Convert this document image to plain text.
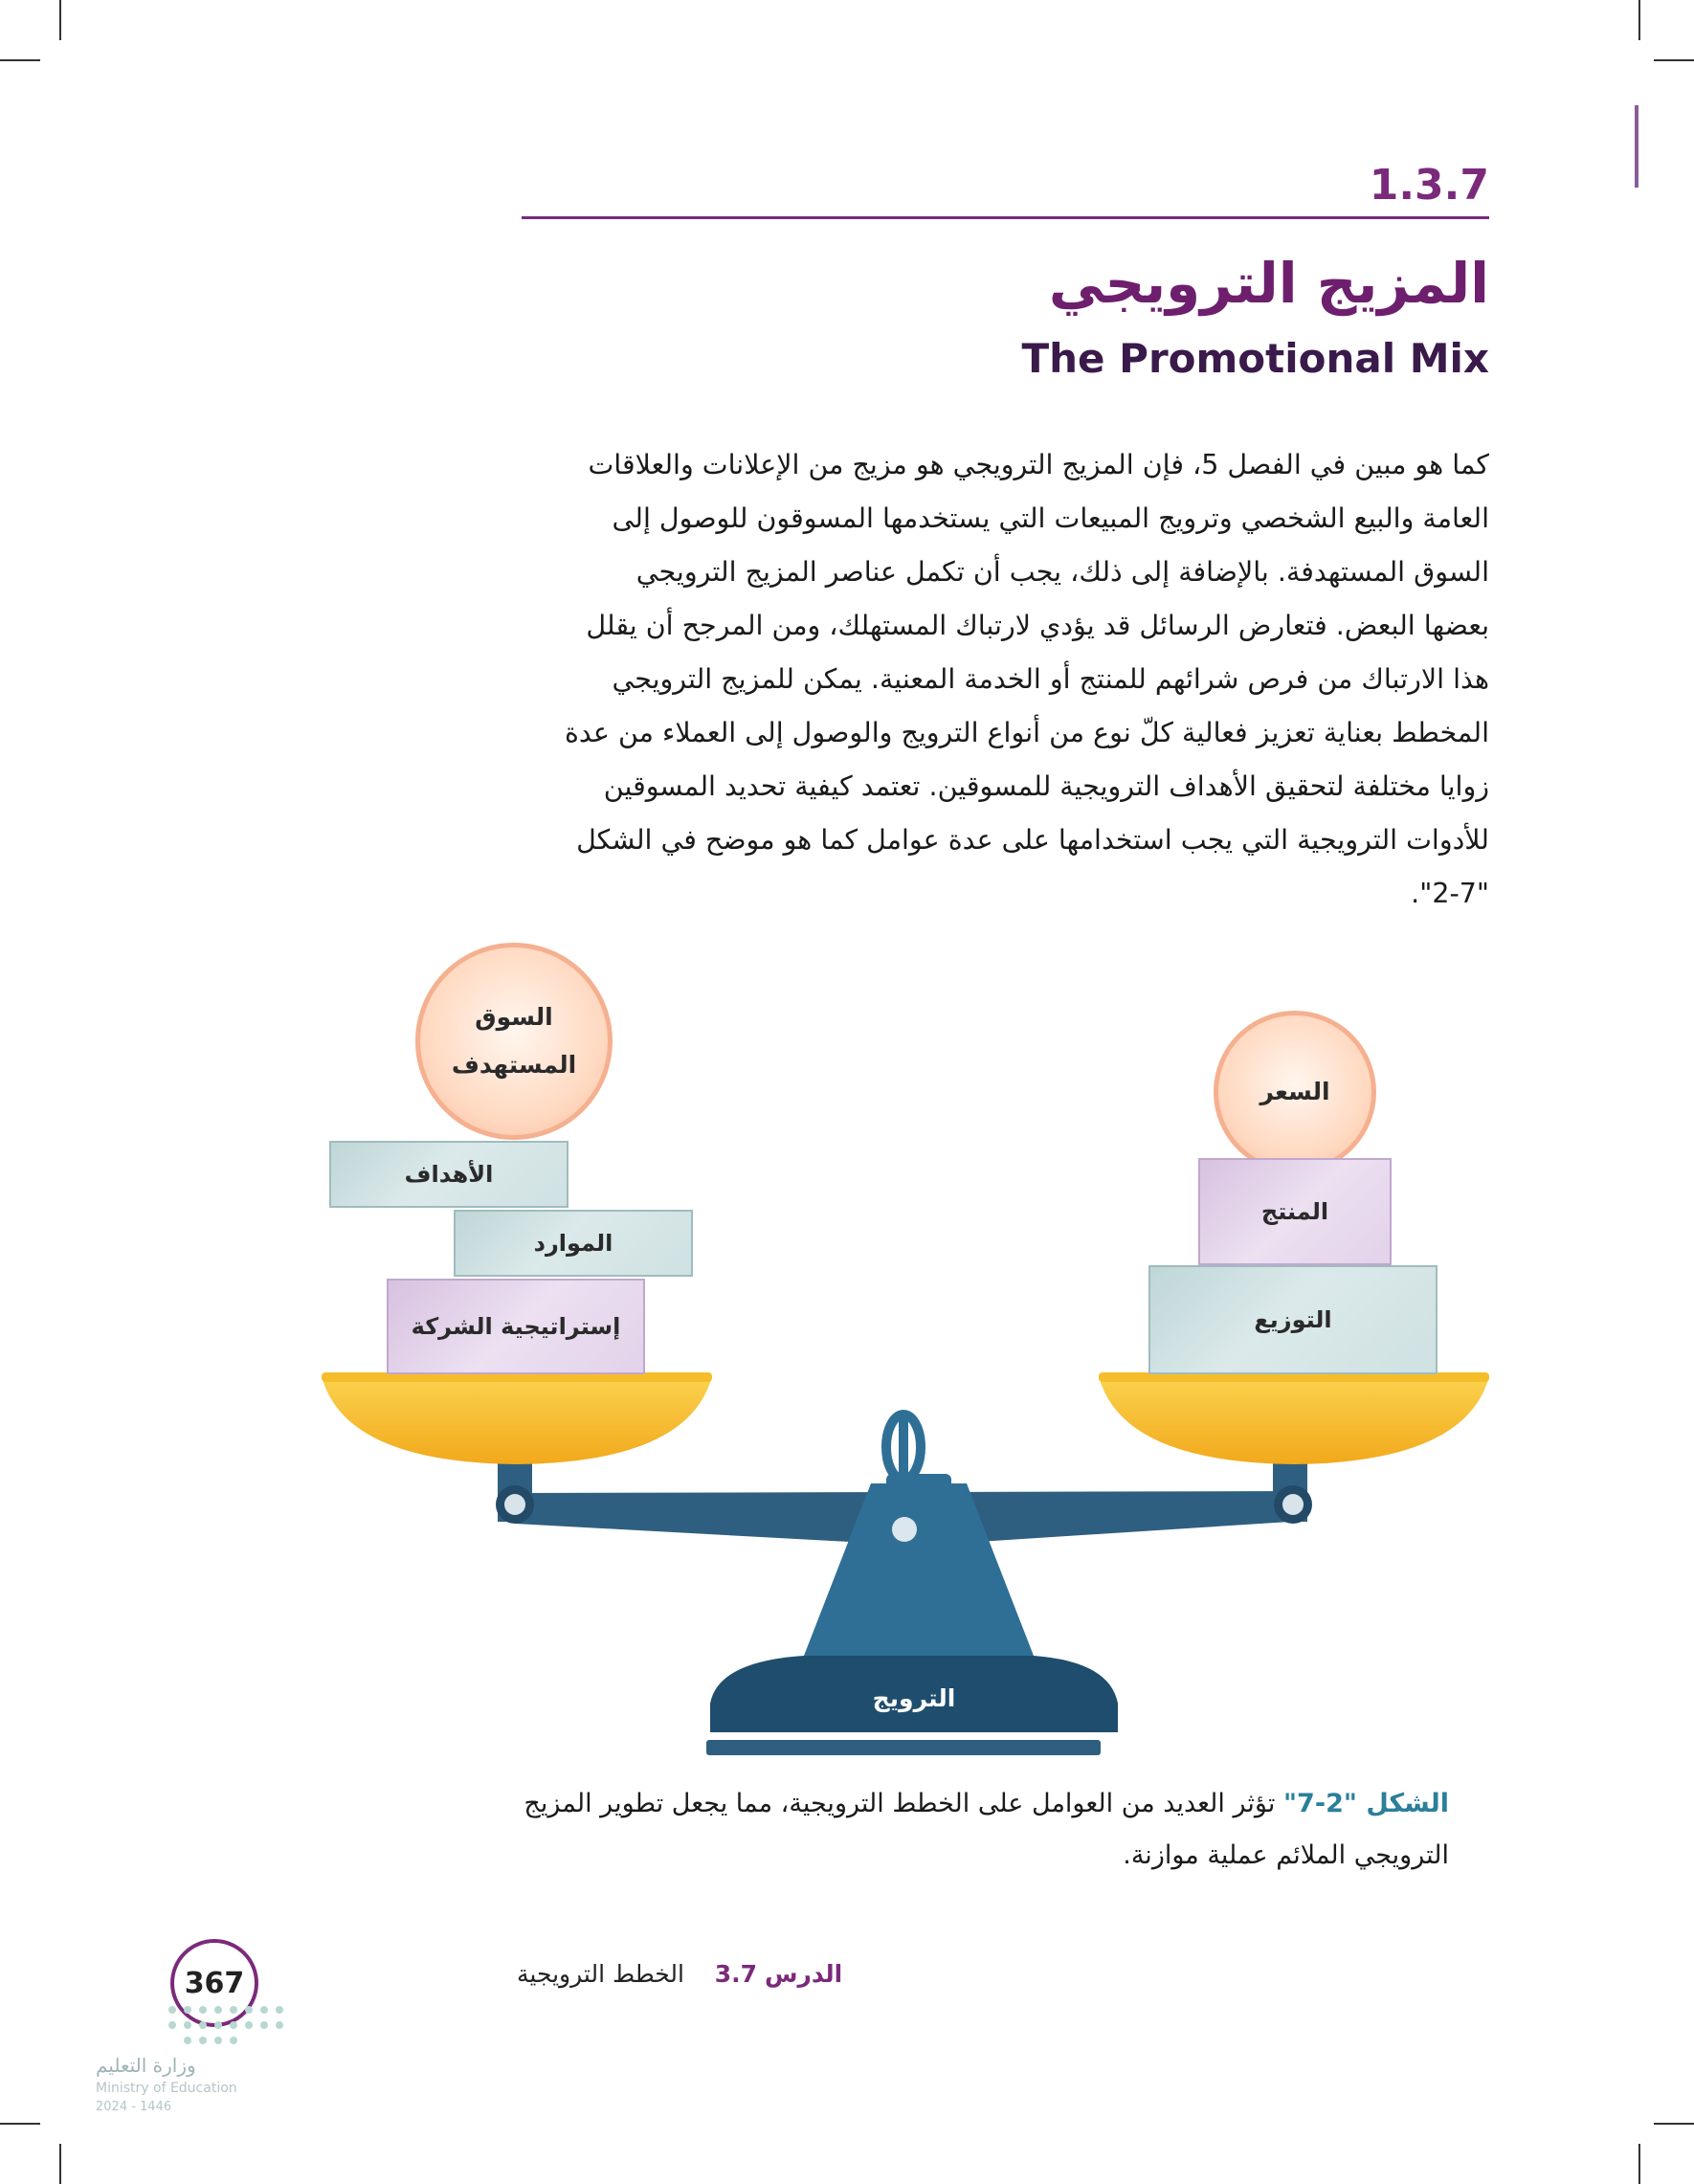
1.3.7
المزيج الترويجي
The Promotional Mix
كما هو مبين في الفصل 5، فإن المزيج الترويجي هو مزيج من الإعلانات والعلاقات
العامة والبيع الشخصي وترويج المبيعات التي يستخدمها المسوقون للوصول إلى
السوق المستهدفة. بالإضافة إلى ذلك، يجب أن تكمل عناصر المزيج الترويجي
بعضها البعض. فتعارض الرسائل قد يؤدي لارتباك المستهلك، ومن المرجح أن يقلل
هذا الارتباك من فرص شرائهم للمنتج أو الخدمة المعنية. يمكن للمزيج الترويجي
المخطط بعناية تعزيز فعالية كلّ نوع من أنواع الترويج والوصول إلى العملاء من عدة
زوايا مختلفة لتحقيق الأهداف الترويجية للمسوقين. تعتمد كيفية تحديد المسوقين
للأدوات الترويجية التي يجب استخدامها على عدة عوامل كما هو موضح في الشكل
"2-7".
السوق المستهدف
الأهداف
الموارد
إستراتيجية الشركة
السعر
المنتج
التوزيع
الترويج
الشكل "2-7" تؤثر العديد من العوامل على الخطط الترويجية، مما يجعل تطوير المزيج
الترويجي الملائم عملية موازنة.
367	الدرس 3.7    الخطط الترويجية
وزارة التعليم
Ministry of Education
2024 - 1446
